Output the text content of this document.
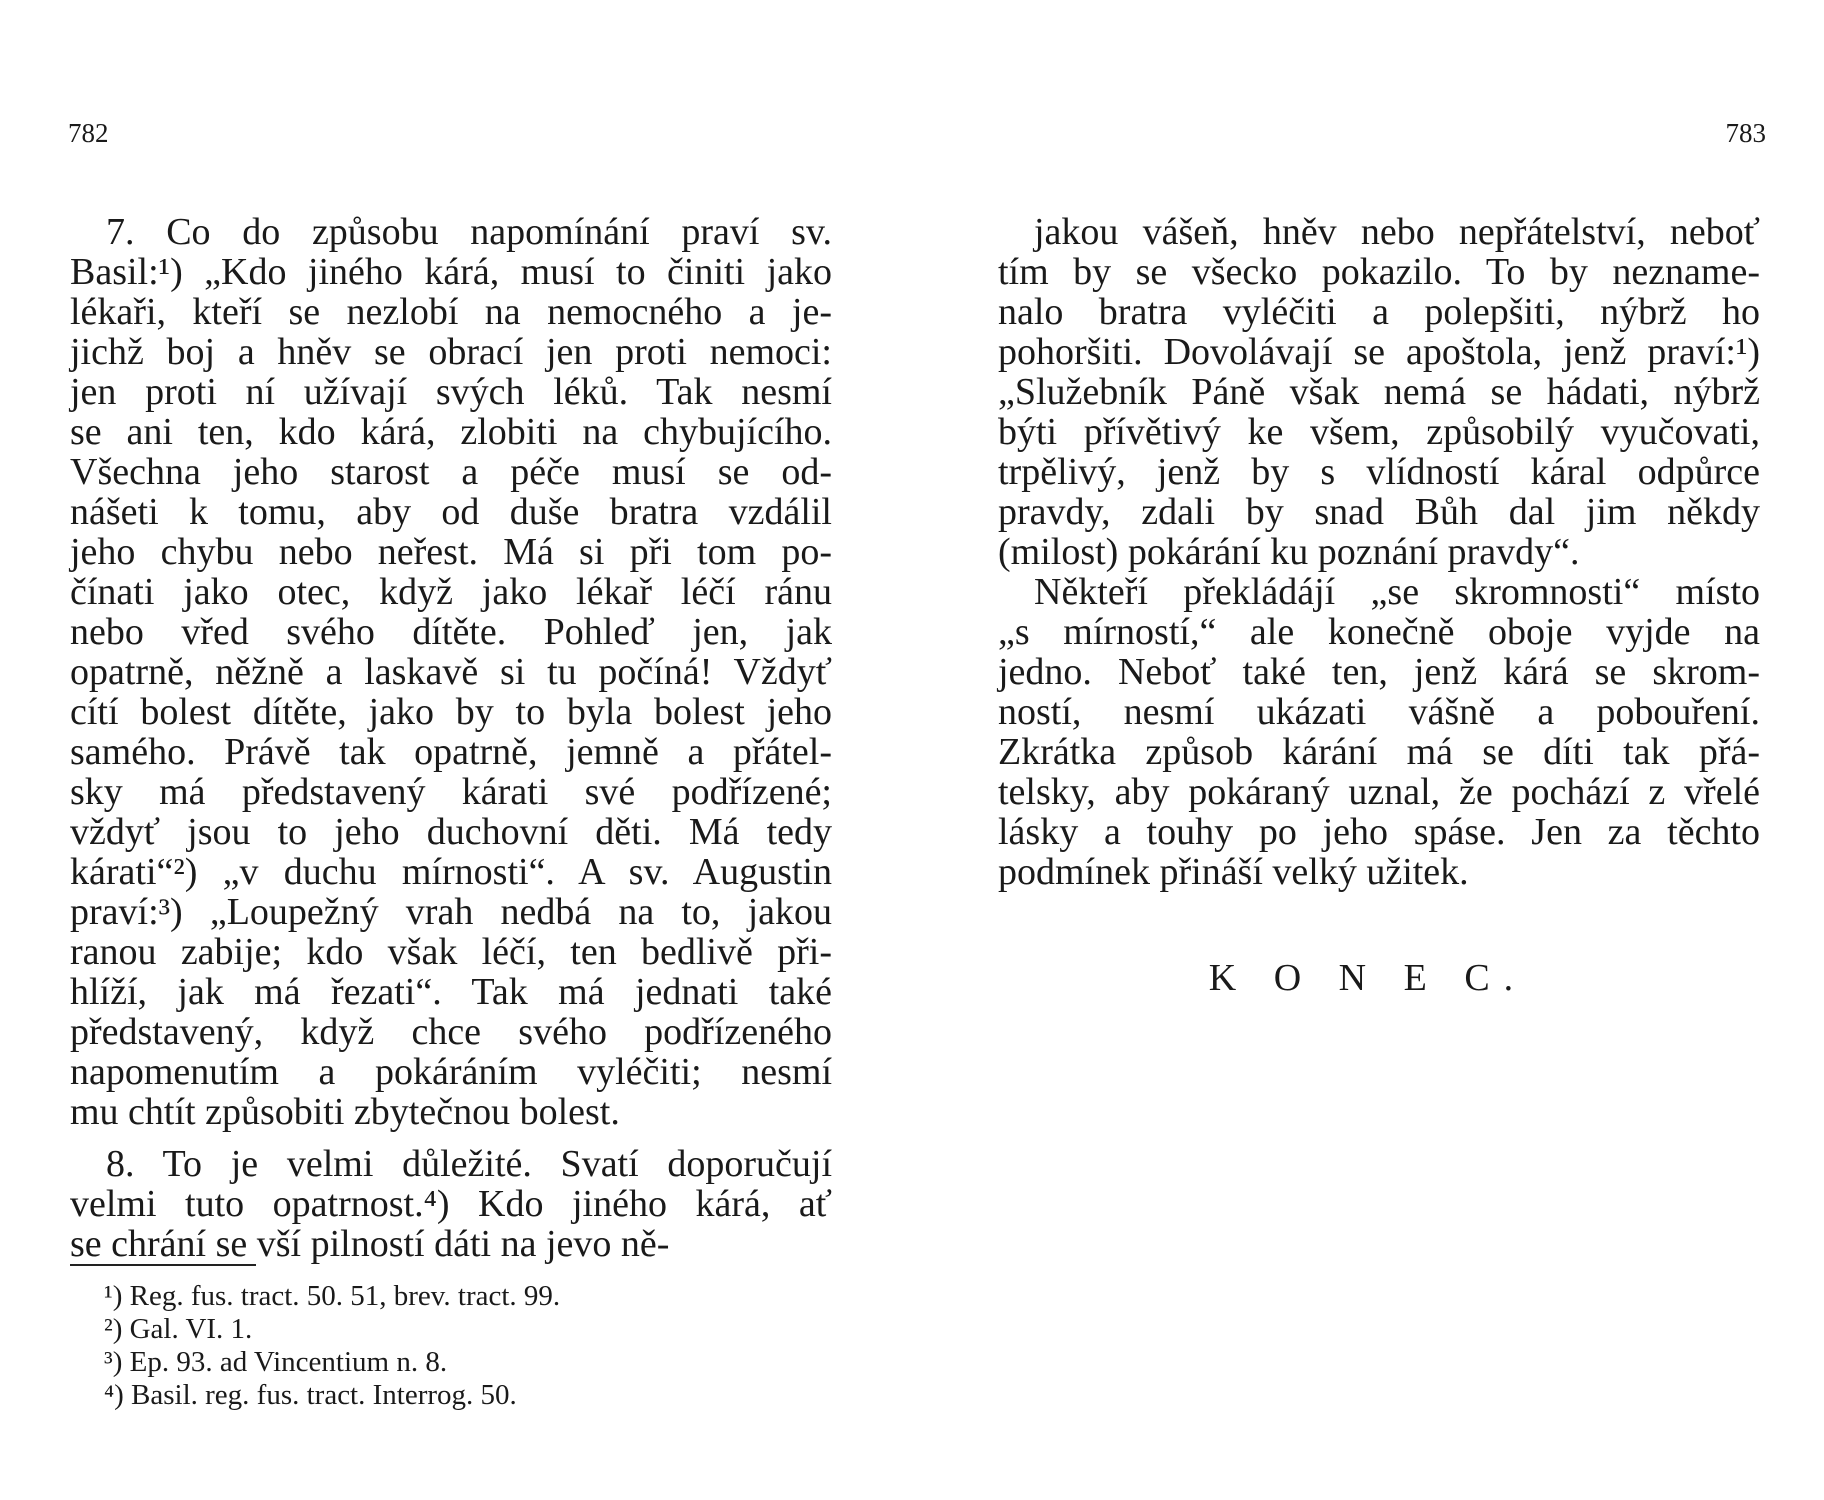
782

7. Co do způsobu napomínání praví sv.
Basil:¹) „Kdo jiného kárá, musí to činiti jako
lékaři, kteří se nezlobí na nemocného a je-
jichž boj a hněv se obrací jen proti nemoci:
jen proti ní užívají svých léků. Tak nesmí
se ani ten, kdo kárá, zlobiti na chybujícího.
Všechna jeho starost a péče musí se od-
nášeti k tomu, aby od duše bratra vzdálil
jeho chybu nebo neřest. Má si při tom po-
čínati jako otec, když jako lékař léčí ránu
nebo vřed svého dítěte. Pohleď jen, jak
opatrně, něžně a laskavě si tu počíná! Vždyť
cítí bolest dítěte, jako by to byla bolest jeho
samého. Právě tak opatrně, jemně a přátel-
sky má představený kárati své podřízené;
vždyť jsou to jeho duchovní děti. Má tedy
kárati“²) „v duchu mírnosti“. A sv. Augustin
praví:³) „Loupežný vrah nedbá na to, jakou
ranou zabije; kdo však léčí, ten bedlivě při-
hlíží, jak má řezati“. Tak má jednati také
představený, když chce svého podřízeného
napomenutím a pokáráním vyléčiti; nesmí
mu chtít způsobiti zbytečnou bolest.

8. To je velmi důležité. Svatí doporučují
velmi tuto opatrnost.⁴) Kdo jiného kárá, ať
se chrání se vší pilností dáti na jevo ně-

¹) Reg. fus. tract. 50. 51, brev. tract. 99.
²) Gal. VI. 1.
³) Ep. 93. ad Vincentium n. 8.
⁴) Basil. reg. fus. tract. Interrog. 50.
783

jakou vášeň, hněv nebo nepřátelství, neboť
tím by se všecko pokazilo. To by nezname-
nalo bratra vyléčiti a polepšiti, nýbrž ho
pohoršiti. Dovolávají se apoštola, jenž praví:¹)
„Služebník Páně však nemá se hádati, nýbrž
býti přívětivý ke všem, způsobilý vyučovati,
trpělivý, jenž by s vlídností káral odpůrce
pravdy, zdali by snad Bůh dal jim někdy
(milost) pokárání ku poznání pravdy“.

Někteří překládájí „se skromnosti“ místo
„s mírností,“ ale konečně oboje vyjde na
jedno. Neboť také ten, jenž kárá se skrom-
ností, nesmí ukázati vášně a pobouření.
Zkrátka způsob kárání má se díti tak přá-
telsky, aby pokáraný uznal, že pochází z vřelé
lásky a touhy po jeho spáse. Jen za těchto
podmínek přináší velký užitek.

K O N E C.
